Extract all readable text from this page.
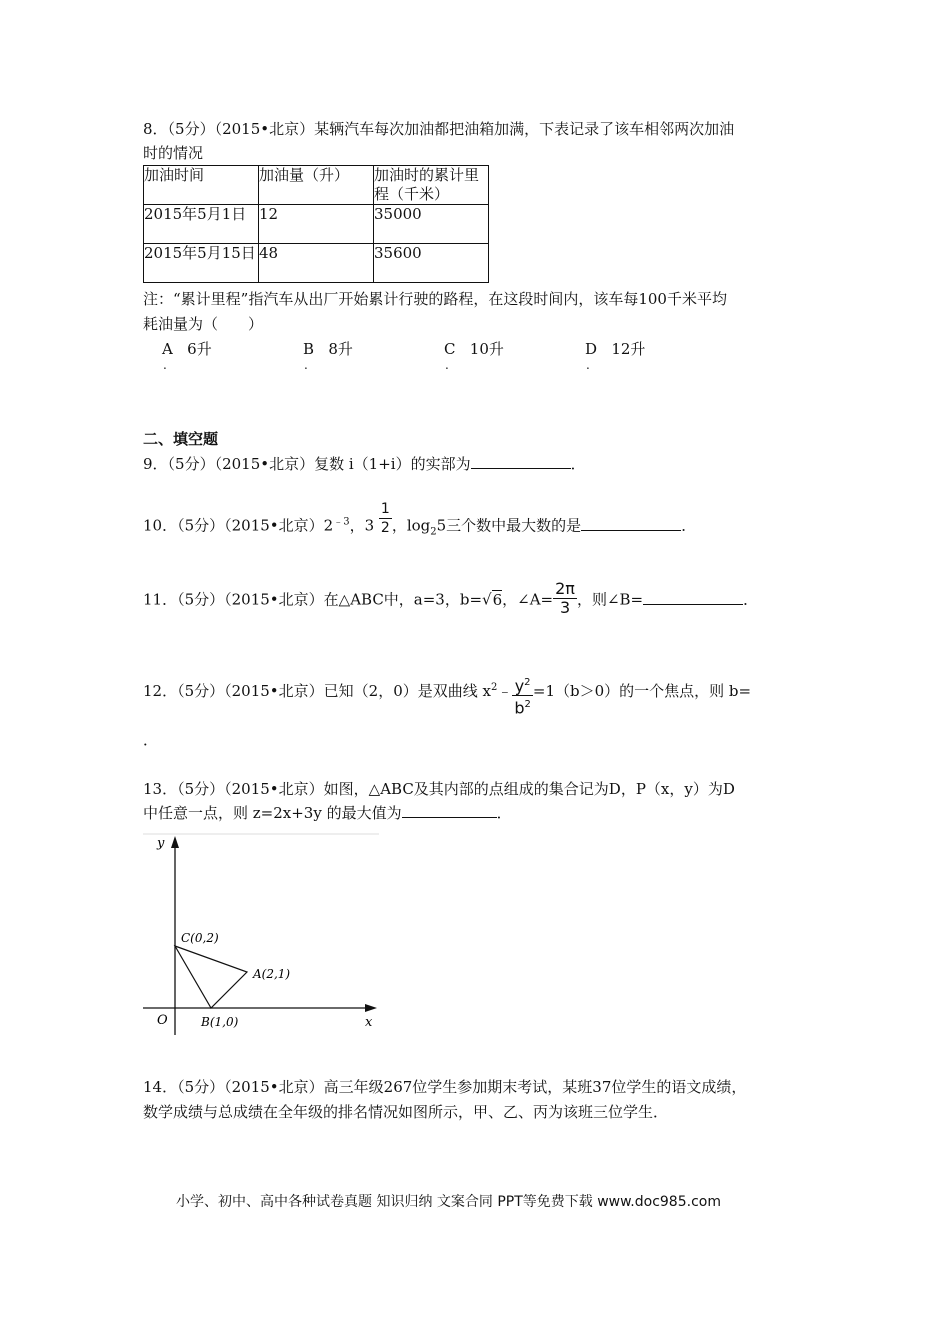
8．（5分）（2015•北京）某辆汽车每次加油都把油箱加满，下表记录了该车相邻两次加油
时的情况
加油时间	加油量（升）	加油时的累计里程（千米）
2015年5月1日	12	35000
2015年5月15日	48	35600
注：“累计里程”指汽车从出厂开始累计行驶的路程，在这段时间内，该车每100千米平均
耗油量为（　　）
A 6升
.
B 8升
.
C 10升
.
D 12升
.
二、填空题
9．（5分）（2015•北京）复数 i（1+i）的实部为	．
10．（5分）（2015•北京）$2^{﹣3}$，$3 \frac{1}{2}$ ，$\log_25$三个数中最大数的是	．
11．（5分）（2015•北京）在△ABC中，a=3，b=√6，∠A= $\frac{2\pi}{3}$ ，则∠B=	．
12．（5分）（2015•北京）已知（2，0）是双曲线 $x^2﹣ \frac{y^2}{b^2} =1(b>0)$的一个焦点，则 b=
．
13．（5分）（2015•北京）如图，△ABC及其内部的点组成的集合记为D，P（x，y）为D
中任意一点，则 z=2x+3y 的最大值为	．
y
x
O
C(0,2)
A(2,1)
B(1,0)
14．（5分）（2015•北京）高三年级267位学生参加期末考试，某班37位学生的语文成绩，
数学成绩与总成绩在全年级的排名情况如图所示，甲、乙、丙为该班三位学生．
小学、初中、高中各种试卷真题 知识归纳 文案合同 PPT等免费下载 www.doc985.com
